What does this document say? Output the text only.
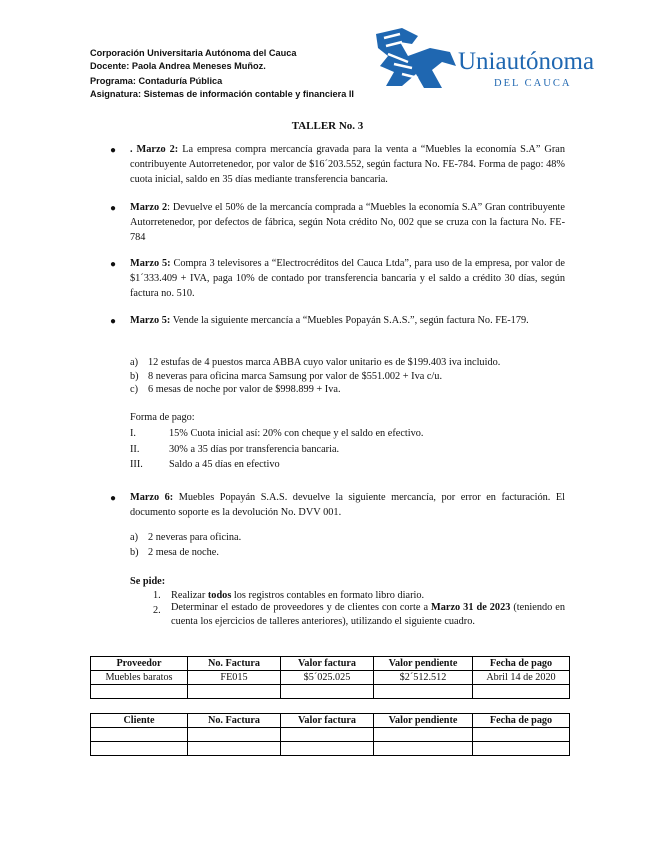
Corporación Universitaria Autónoma del Cauca
Docente: Paola Andrea Meneses Muñoz.
Programa: Contaduría Pública
Asignatura: Sistemas de información contable y financiera II
Uniautónoma
DEL CAUCA
TALLER No. 3
● . Marzo 2: La empresa compra mercancía gravada para la venta a “Muebles la economía S.A” Gran contribuyente Autorretenedor, por valor de $16´203.552, según factura No. FE-784. Forma de pago: 48% cuota inicial, saldo en 35 días mediante transferencia bancaria.
● Marzo 2: Devuelve el 50% de la mercancía comprada a “Muebles la economía S.A” Gran contribuyente Autorretenedor, por defectos de fábrica, según Nota crédito No, 002 que se cruza con la factura No. FE-784
● Marzo 5: Compra 3 televisores a “Electrocréditos del Cauca Ltda”, para uso de la empresa, por valor de $1´333.409 + IVA, paga 10% de contado por transferencia bancaria y el saldo a crédito 30 días, según factura no. 510.
● Marzo 5: Vende la siguiente mercancía a “Muebles Popayán S.A.S.”, según factura No. FE-179.
a) 12 estufas de 4 puestos marca ABBA cuyo valor unitario es de $199.403 iva incluido.
b) 8 neveras para oficina marca Samsung por valor de $551.002 + Iva c/u.
c) 6 mesas de noche por valor de $998.899 + Iva.
Forma de pago:
I.	15% Cuota inicial así: 20% con cheque y el saldo en efectivo.
II.	30% a 35 días por transferencia bancaria.
III.	Saldo a 45 días en efectivo
● Marzo 6: Muebles Popayán S.A.S. devuelve la siguiente mercancía, por error en facturación. El documento soporte es la devolución No. DVV 001.
a) 2 neveras para oficina.
b) 2 mesa de noche.
Se pide:
1. Realizar todos los registros contables en formato libro diario.
2. Determinar el estado de proveedores y de clientes con corte a Marzo 31 de 2023 (teniendo en cuenta los ejercicios de talleres anteriores), utilizando el siguiente cuadro.
Proveedor	No. Factura	Valor factura	Valor pendiente	Fecha de pago
Muebles baratos	FE015	$5´025.025	$2´512.512	Abril 14 de 2020

Cliente	No. Factura	Valor factura	Valor pendiente	Fecha de pago
